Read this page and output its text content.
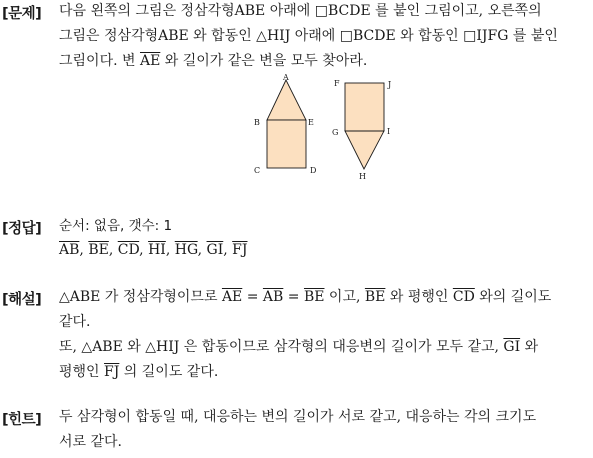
[문제] 다음 왼쪽의 그림은 정삼각형ABE 아래에 □BCDE 를 붙인 그림이고, 오른쪽의
그림은 정삼각형ABE 와 합동인 △HIJ 아래에 □BCDE 와 합동인 □IJFG 를 붙인
그림이다. 변 $\overline{AE}$ 와 길이가 같은 변을 모두 찾아라.
A
B	E
C	D
F	J
G	I
H
[정답] 순서: 없음, 갯수: 1
$\overline{AB}$, $\overline{BE}$, $\overline{CD}$, $\overline{HI}$, $\overline{HG}$, $\overline{GI}$, $\overline{FJ}$
[해설] △ABE 가 정삼각형이므로 $\overline{AE} = \overline{AB} = \overline{BE}$ 이고, $\overline{BE}$ 와 평행인 $\overline{CD}$ 와의 길이도
같다.
또, △ABE 와 △HIJ 은 합동이므로 삼각형의 대응변의 길이가 모두 같고, $\overline{GI}$ 와
평행인 $\overline{FJ}$ 의 길이도 같다.
[힌트] 두 삼각형이 합동일 때, 대응하는 변의 길이가 서로 같고, 대응하는 각의 크기도
서로 같다.
